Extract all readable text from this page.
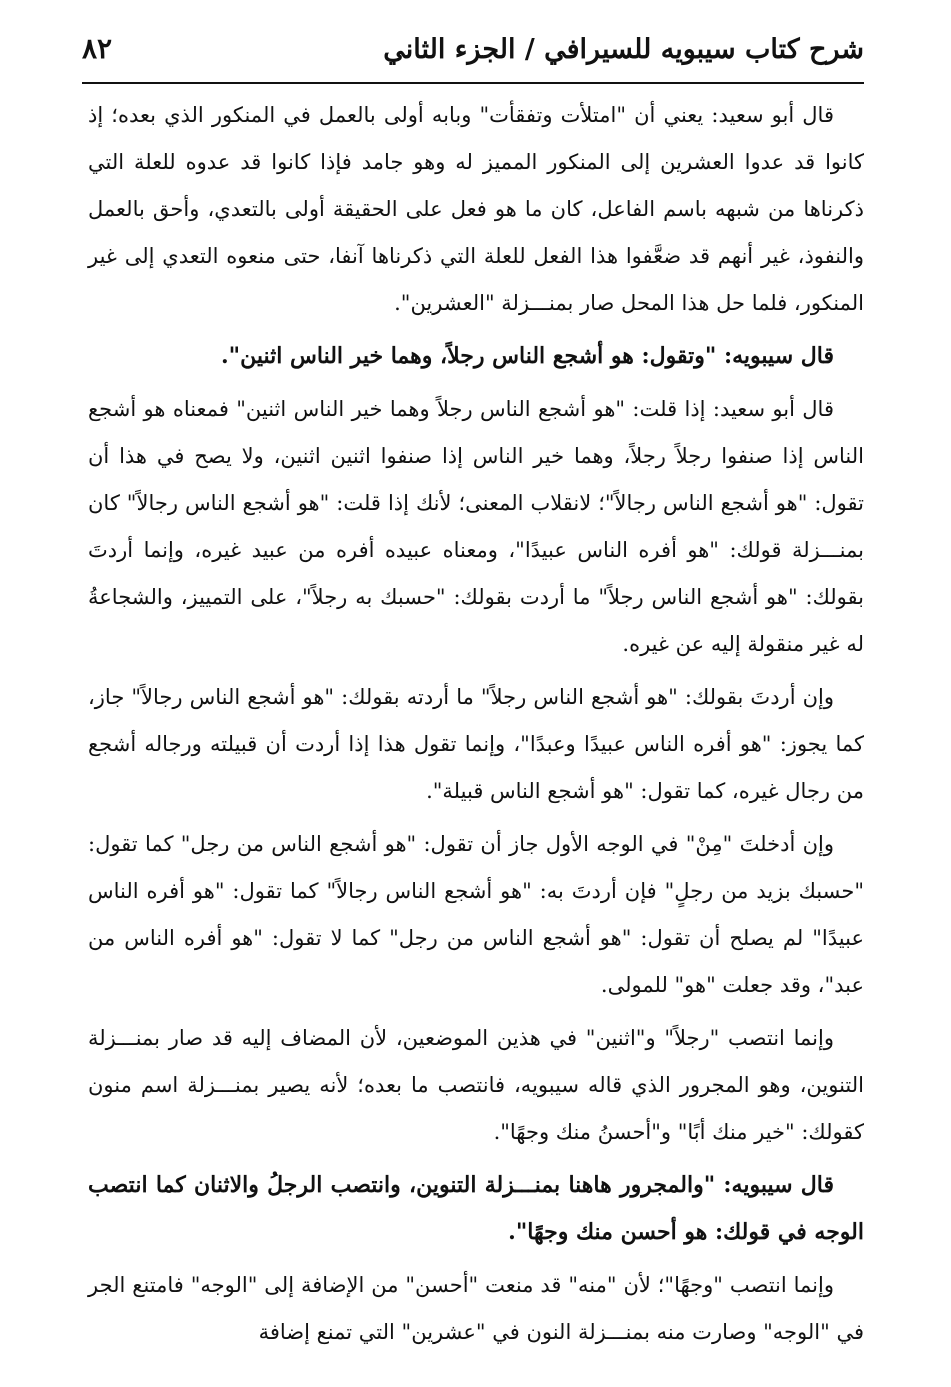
شرح كتاب سيبويه للسيرافي / الجزء الثاني
٨٢

قال أبو سعيد: يعني أن "امتلأت وتفقأت" وبابه أولى بالعمل في المنكور الذي بعده؛ إذ كانوا قد عدوا العشرين إلى المنكور المميز له وهو جامد فإذا كانوا قد عدوه للعلة التي ذكرناها من شبهه باسم الفاعل، كان ما هو فعل على الحقيقة أولى بالتعدي، وأحق بالعمل والنفوذ، غير أنهم قد ضعَّفوا هذا الفعل للعلة التي ذكرناها آنفا، حتى منعوه التعدي إلى غير المنكور، فلما حل هذا المحل صار بمنـــزلة "العشرين".

قال سيبويه: "وتقول: هو أشجع الناس رجلاً، وهما خير الناس اثنين".

قال أبو سعيد: إذا قلت: "هو أشجع الناس رجلاً وهما خير الناس اثنين" فمعناه هو أشجع الناس إذا صنفوا رجلاً رجلاً، وهما خير الناس إذا صنفوا اثنين اثنين، ولا يصح في هذا أن تقول: "هو أشجع الناس رجالاً"؛ لانقلاب المعنى؛ لأنك إذا قلت: "هو أشجع الناس رجالاً" كان بمنـــزلة قولك: "هو أفره الناس عبيدًا"، ومعناه عبيده أفره من عبيد غيره، وإنما أردتَ بقولك: "هو أشجع الناس رجلاً" ما أردت بقولك: "حسبك به رجلاً"، على التمييز، والشجاعةُ له غير منقولة إليه عن غيره.

وإن أردتَ بقولك: "هو أشجع الناس رجلاً" ما أردته بقولك: "هو أشجع الناس رجالاً" جاز، كما يجوز: "هو أفره الناس عبيدًا وعبدًا"، وإنما تقول هذا إذا أردت أن قبيلته ورجاله أشجع من رجال غيره، كما تقول: "هو أشجع الناس قبيلة".

وإن أدخلتَ "مِنْ" في الوجه الأول جاز أن تقول: "هو أشجع الناس من رجل" كما تقول: "حسبك بزيد من رجلٍ" فإن أردتَ به: "هو أشجع الناس رجالاً" كما تقول: "هو أفره الناس عبيدًا" لم يصلح أن تقول: "هو أشجع الناس من رجل" كما لا تقول: "هو أفره الناس من عبد"، وقد جعلت "هو" للمولى.

وإنما انتصب "رجلاً" و"اثنين" في هذين الموضعين، لأن المضاف إليه قد صار بمنـــزلة التنوين، وهو المجرور الذي قاله سيبويه، فانتصب ما بعده؛ لأنه يصير بمنـــزلة اسم منون كقولك: "خير منك أبًا" و"أحسنُ منك وجهًا".

قال سيبويه: "والمجرور هاهنا بمنـــزلة التنوين، وانتصب الرجلُ والاثنان كما انتصب الوجه في قولك: هو أحسن منك وجهًا".

وإنما انتصب "وجهًا"؛ لأن "منه" قد منعت "أحسن" من الإضافة إلى "الوجه" فامتنع الجر في "الوجه" وصارت منه بمنـــزلة النون في "عشرين" التي تمنع إضافة
